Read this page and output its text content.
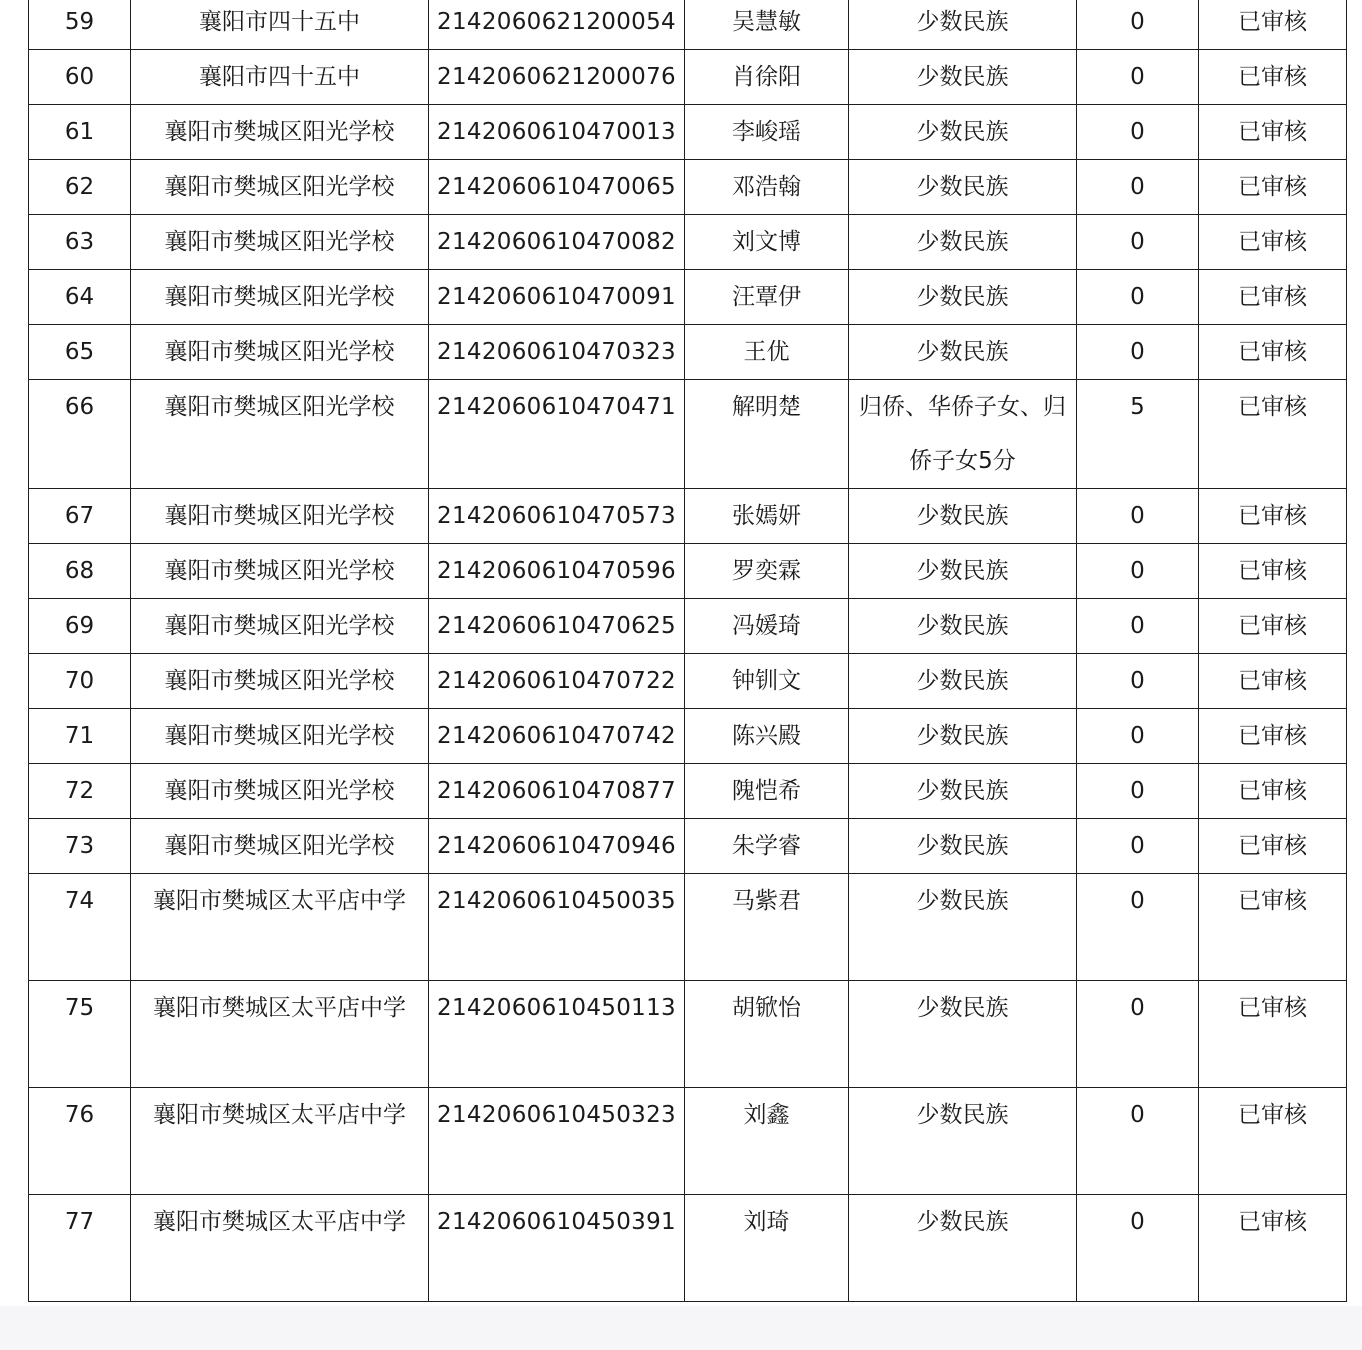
59	襄阳市四十五中	2142060621200054	吴慧敏	少数民族	0	已审核
60	襄阳市四十五中	2142060621200076	肖徐阳	少数民族	0	已审核
61	襄阳市樊城区阳光学校	2142060610470013	李峻瑶	少数民族	0	已审核
62	襄阳市樊城区阳光学校	2142060610470065	邓浩翰	少数民族	0	已审核
63	襄阳市樊城区阳光学校	2142060610470082	刘文博	少数民族	0	已审核
64	襄阳市樊城区阳光学校	2142060610470091	汪覃伊	少数民族	0	已审核
65	襄阳市樊城区阳光学校	2142060610470323	王优	少数民族	0	已审核
66	襄阳市樊城区阳光学校	2142060610470471	解明楚	归侨、华侨子女、归侨子女5分	5	已审核
67	襄阳市樊城区阳光学校	2142060610470573	张嫣妍	少数民族	0	已审核
68	襄阳市樊城区阳光学校	2142060610470596	罗奕霖	少数民族	0	已审核
69	襄阳市樊城区阳光学校	2142060610470625	冯媛琦	少数民族	0	已审核
70	襄阳市樊城区阳光学校	2142060610470722	钟钏文	少数民族	0	已审核
71	襄阳市樊城区阳光学校	2142060610470742	陈兴殿	少数民族	0	已审核
72	襄阳市樊城区阳光学校	2142060610470877	隗恺希	少数民族	0	已审核
73	襄阳市樊城区阳光学校	2142060610470946	朱学睿	少数民族	0	已审核
74	襄阳市樊城区太平店中学	2142060610450035	马紫君	少数民族	0	已审核
75	襄阳市樊城区太平店中学	2142060610450113	胡锨怡	少数民族	0	已审核
76	襄阳市樊城区太平店中学	2142060610450323	刘鑫	少数民族	0	已审核
77	襄阳市樊城区太平店中学	2142060610450391	刘琦	少数民族	0	已审核
